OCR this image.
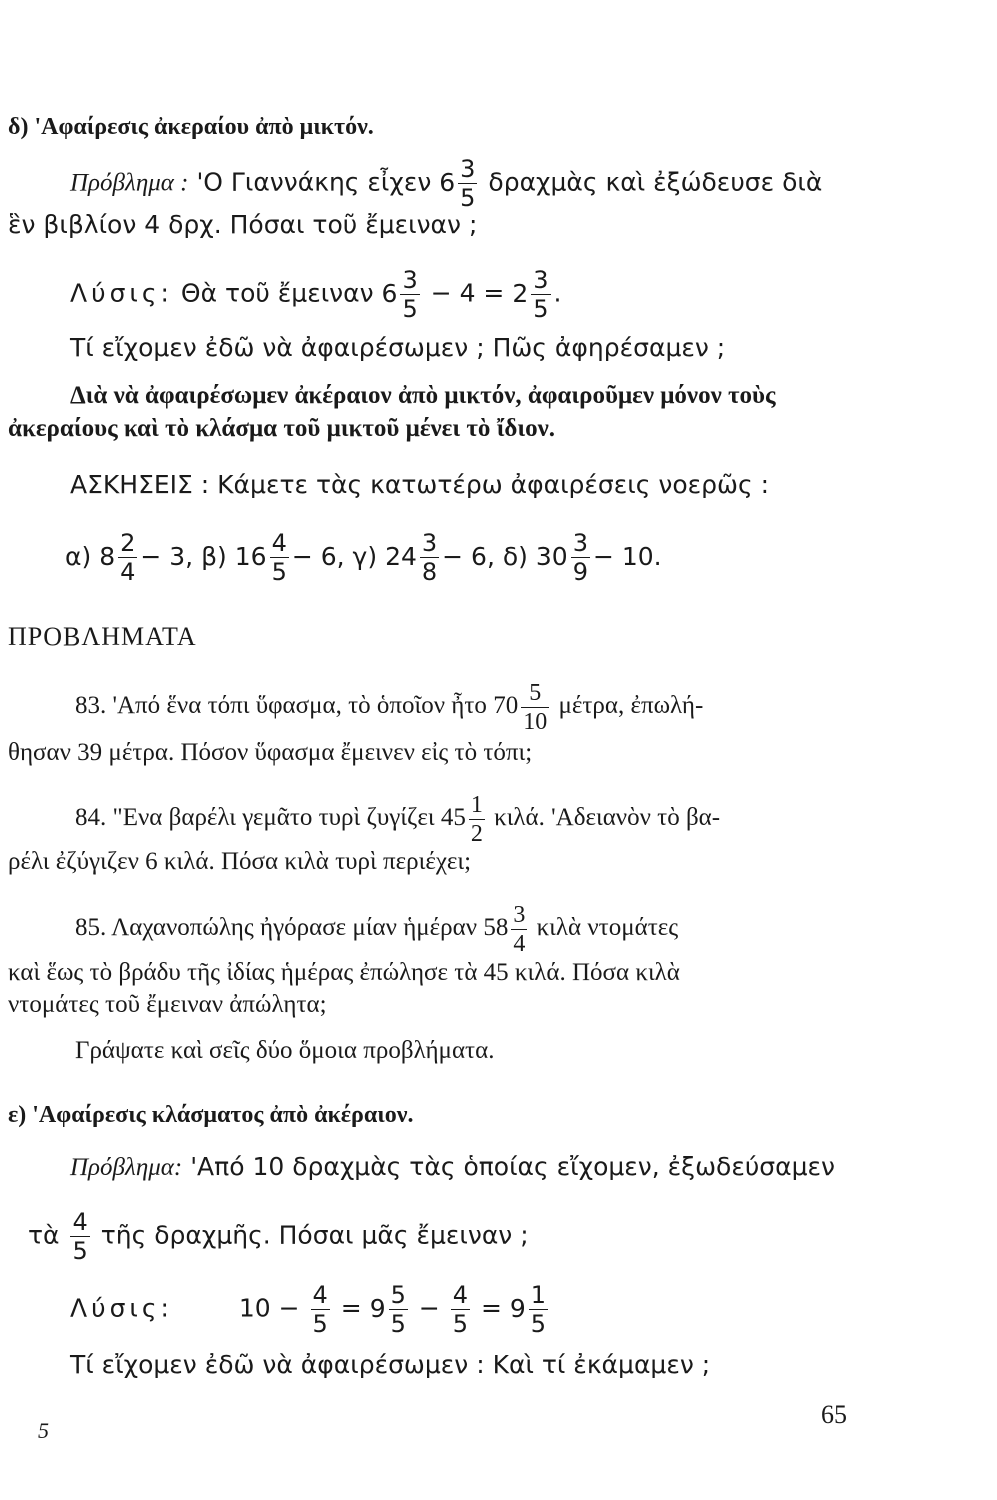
δ) 'Αφαίρεσις ἀκεραίου ἀπὸ μικτόν.
Πρόβλημα : 'Ο Γιαννάκης εἶχεν $6 \frac{3}{5}$ δραχμὰς καὶ ἐξώδευσε διὰ
ἓν βιβλίον 4 δρχ. Πόσαι τοῦ ἔμειναν ;
Λύσις: Θὰ τοῦ ἔμειναν $6 \frac{3}{5} - 4 = 2 \frac{3}{5}$ .
Τί εἴχομεν ἐδῶ νὰ ἀφαιρέσωμεν ; Πῶς ἀφηρέσαμεν ;
Διὰ νὰ ἀφαιρέσωμεν ἀκέραιον ἀπὸ μικτόν, ἀφαιροῦμεν μόνον τοὺς
ἀκεραίους καὶ τὸ κλάσμα τοῦ μικτοῦ μένει τὸ ἴδιον.
ΑΣΚΗΣΕΙΣ : Κάμετε τὰς κατωτέρω ἀφαιρέσεις νοερῶς :
α) $8 \frac{2}{4} - 3$, β) $16 \frac{4}{5} - 6$, γ) $24 \frac{3}{8} - 6$, δ) $30 \frac{3}{9} - 10$.
ΠΡΟΒΛΗΜΑΤΑ
83. 'Από ἕνα τόπι ὕφασμα, τὸ ὁποῖον ἦτο $70 \frac{5}{10} \mu έ\tau\rho\alpha$, ἐπωλή-
θησαν 39 μέτρα. Πόσον ὕφασμα ἔμεινεν εἰς τὸ τόπι;
84. "Ενα βαρέλι γεμᾶτο τυρὶ ζυγίζει $45 \frac{1}{2} \kappa\iota\lambda ά$. 'Αδειανὸν τὸ βα-
ρέλι ἐζύγιζεν 6 κιλά. Πόσα κιλὰ τυρὶ περιέχει;
85. Λαχανοπώλης ἠγόρασε μίαν ἡμέραν $58 \frac{3}{4}$ κιλὰ ντομάτες
καὶ ἕως τὸ βράδυ τῆς ἰδίας ἡμέρας ἐπώλησε τὰ 45 κιλά. Πόσα κιλὰ
ντομάτες τοῦ ἔμειναν ἀπώλητα;
Γράψατε καὶ σεῖς δύο ὅμοια προβλήματα.
ε) 'Αφαίρεσις κλάσματος ἀπὸ ἀκέραιον.
Πρόβλημα: 'Από 10 δραχμὰς τὰς ὁποίας εἴχομεν, ἐξωδεύσαμεν
τὰ $\frac{4}{5}$ τῆς δραχμῆς. Πόσαι μᾶς ἔμειναν ;
Λύσις:	$10 - \frac{4}{5} = 9 \frac{5}{5} - \frac{4}{5} = 9 \frac{1}{5}$
Τί εἴχομεν ἐδῶ νὰ ἀφαιρέσωμεν : Καὶ τί ἐκάμαμεν ;
5
65
